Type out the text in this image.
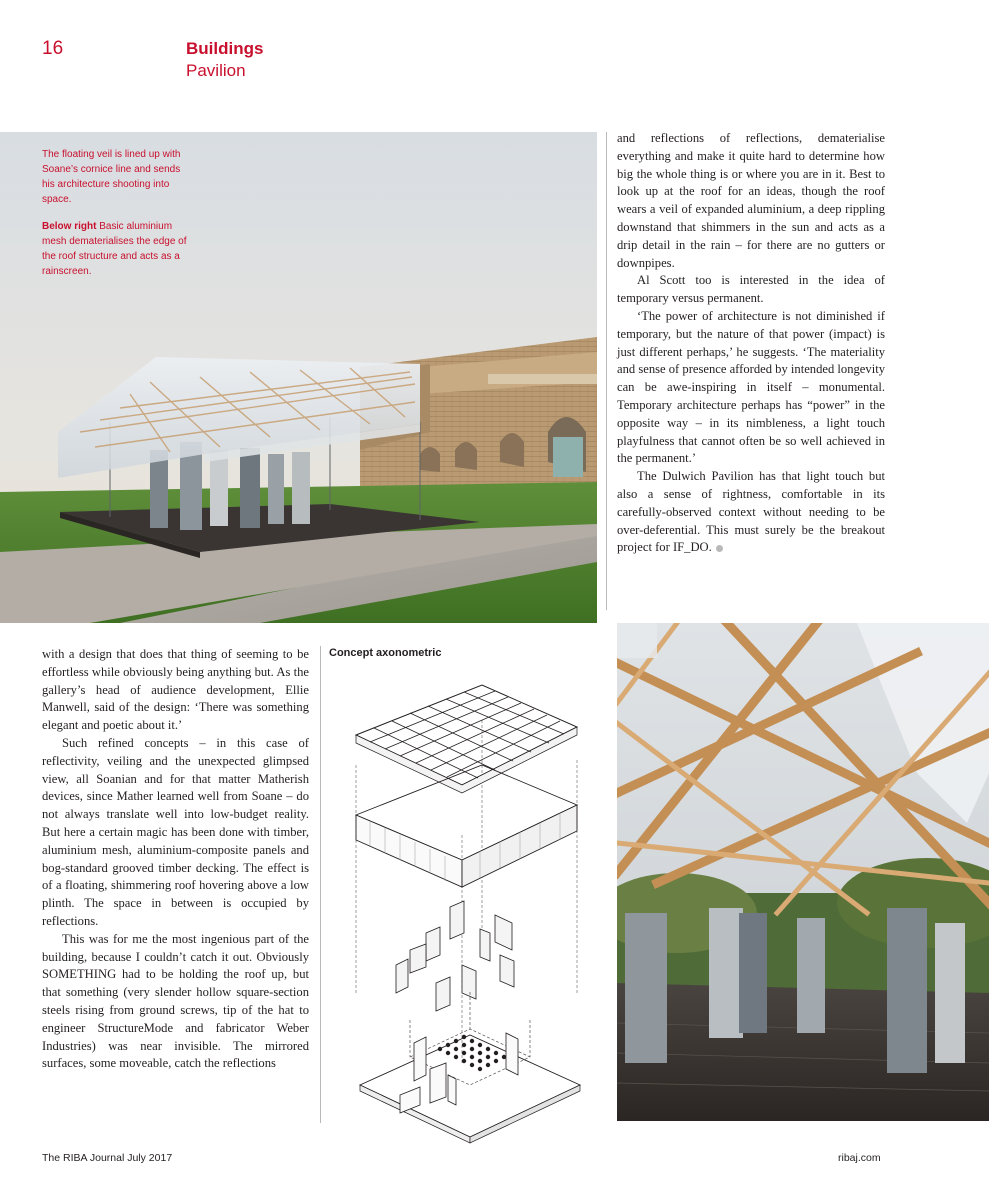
16	Buildings
Pavilion

The floating veil is lined up with Soane’s cornice line and sends his architecture shooting into space.

Below right Basic aluminium mesh dematerialises the edge of the roof structure and acts as a rainscreen.

and reflections of reflections, dematerialise everything and make it quite hard to determine how big the whole thing is or where you are in it. Best to look up at the roof for an ideas, though the roof wears a veil of expanded aluminium, a deep rippling downstand that shimmers in the sun and acts as a drip detail in the rain – for there are no gutters or downpipes.

Al Scott too is interested in the idea of temporary versus permanent.

‘The power of architecture is not diminished if temporary, but the nature of that power (impact) is just different perhaps,’ he suggests. ‘The materiality and sense of presence afforded by intended longevity can be awe-inspiring in itself – monumental. Temporary architecture perhaps has “power” in the opposite way – in its nimbleness, a light touch playfulness that cannot often be so well achieved in the permanent.’

The Dulwich Pavilion has that light touch but also a sense of rightness, comfortable in its carefully-observed context without needing to be over-deferential. This must surely be the breakout project for IF_DO.

with a design that does that thing of seeming to be effortless while obviously being anything but. As the gallery’s head of audience development, Ellie Manwell, said of the design: ‘There was something elegant and poetic about it.’

Such refined concepts – in this case of reflectivity, veiling and the unexpected glimpsed view, all Soanian and for that matter Matherish devices, since Mather learned well from Soane – do not always translate well into low-budget reality. But here a certain magic has been done with timber, aluminium mesh, aluminium-composite panels and bog-standard grooved timber decking. The effect is of a floating, shimmering roof hovering above a low plinth. The space in between is occupied by reflections.

This was for me the most ingenious part of the building, because I couldn’t catch it out. Obviously SOMETHING had to be holding the roof up, but that something (very slender hollow square-section steels rising from ground screws, tip of the hat to engineer StructureMode and fabricator Weber Industries) was near invisible. The mirrored surfaces, some moveable, catch the reflections

Concept axonometric
The RIBA Journal July 2017	ribaj.com
